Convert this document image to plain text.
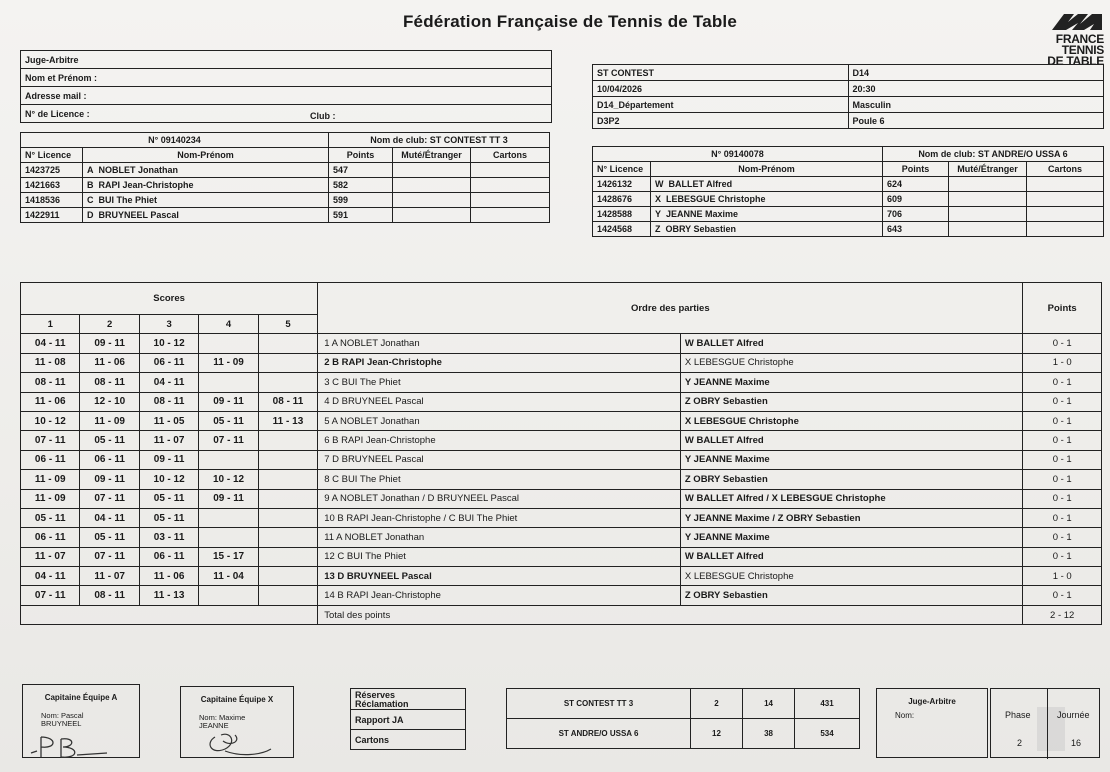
Fédération Française de Tennis de Table
FRANCE
TENNIS
DE TABLE
Juge-Arbitre
Nom et Prénom :
Adresse mail :
N° de Licence :	Club :
ST CONTEST	D14
10/04/2026	20:30
D14_Département	Masculin
D3P2	Poule 6
N° 09140234		Nom de club: ST CONTEST TT 3		
N° Licence	Nom-Prénom	Points	Muté/Étranger	Cartons
1423725	A NOBLET Jonathan	547		
1421663	B RAPI Jean-Christophe	582		
1418536	C BUI The Phiet	599		
1422911	D BRUYNEEL Pascal	591		
N° 09140078		Nom de club: ST ANDRE/O USSA 6		
N° Licence	Nom-Prénom	Points	Muté/Étranger	Cartons
1426132	W BALLET Alfred	624		
1428676	X LEBESGUE Christophe	609		
1428588	Y JEANNE Maxime	706		
1424568	Z OBRY Sebastien	643		
Scores					Ordre des parties		Points
1	2	3	4	5			
04 - 11	09 - 11	10 - 12			1 A NOBLET Jonathan	W BALLET Alfred	0 - 1
11 - 08	11 - 06	06 - 11	11 - 09		2 B RAPI Jean-Christophe	X LEBESGUE Christophe	1 - 0
08 - 11	08 - 11	04 - 11			3 C BUI The Phiet	Y JEANNE Maxime	0 - 1
11 - 06	12 - 10	08 - 11	09 - 11	08 - 11	4 D BRUYNEEL Pascal	Z OBRY Sebastien	0 - 1
10 - 12	11 - 09	11 - 05	05 - 11	11 - 13	5 A NOBLET Jonathan	X LEBESGUE Christophe	0 - 1
07 - 11	05 - 11	11 - 07	07 - 11		6 B RAPI Jean-Christophe	W BALLET Alfred	0 - 1
06 - 11	06 - 11	09 - 11			7 D BRUYNEEL Pascal	Y JEANNE Maxime	0 - 1
11 - 09	09 - 11	10 - 12	10 - 12		8 C BUI The Phiet	Z OBRY Sebastien	0 - 1
11 - 09	07 - 11	05 - 11	09 - 11		9 A NOBLET Jonathan / D BRUYNEEL Pascal	W BALLET Alfred / X LEBESGUE Christophe	0 - 1
05 - 11	04 - 11	05 - 11			10 B RAPI Jean-Christophe / C BUI The Phiet	Y JEANNE Maxime / Z OBRY Sebastien	0 - 1
06 - 11	05 - 11	03 - 11			11 A NOBLET Jonathan	Y JEANNE Maxime	0 - 1
11 - 07	07 - 11	06 - 11	15 - 17		12 C BUI The Phiet	W BALLET Alfred	0 - 1
04 - 11	11 - 07	11 - 06	11 - 04		13 D BRUYNEEL Pascal	X LEBESGUE Christophe	1 - 0
07 - 11	08 - 11	11 - 13			14 B RAPI Jean-Christophe	Z OBRY Sebastien	0 - 1
					Total des points		2 - 12
Capitaine Équipe A
Nom: Pascal
BRUYNEEL
Capitaine Équipe X
Nom: Maxime
JEANNE
Réserves
Réclamation

Rapport JA
Cartons
ST CONTEST TT 3	2	14	431
ST ANDRE/O USSA 6	12	38	534
Juge-Arbitre
Nom:	Phase	Journée
2	16
